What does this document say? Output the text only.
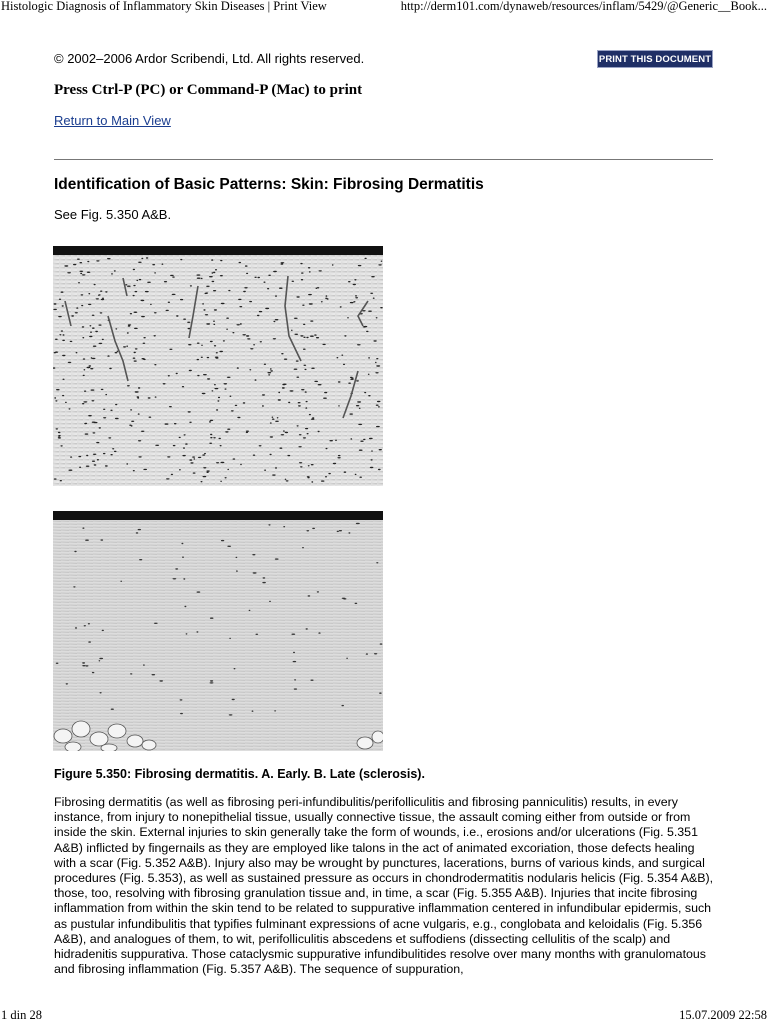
Histologic Diagnosis of Inflammatory Skin Diseases | Print View	http://derm101.com/dynaweb/resources/inflam/5429/@Generic__Book...
© 2002–2006 Ardor Scribendi, Ltd. All rights reserved.	PRINT THIS DOCUMENT
Press Ctrl-P (PC) or Command-P (Mac) to print
Return to Main View
Identification of Basic Patterns: Skin: Fibrosing Dermatitis
See Fig. 5.350 A&B.
Figure 5.350: Fibrosing dermatitis. A. Early. B. Late (sclerosis).
Fibrosing dermatitis (as well as fibrosing peri-infundibulitis/perifolliculitis and fibrosing panniculitis) results, in every instance, from injury to nonepithelial tissue, usually connective tissue, the assault coming either from outside or from inside the skin. External injuries to skin generally take the form of wounds, i.e., erosions and/or ulcerations (Fig. 5.351 A&B) inflicted by fingernails as they are employed like talons in the act of animated excoriation, those defects healing with a scar (Fig. 5.352 A&B). Injury also may be wrought by punctures, lacerations, burns of various kinds, and surgical procedures (Fig. 5.353), as well as sustained pressure as occurs in chondrodermatitis nodularis helicis (Fig. 5.354 A&B), those, too, resolving with fibrosing granulation tissue and, in time, a scar (Fig. 5.355 A&B). Injuries that incite fibrosing inflammation from within the skin tend to be related to suppurative inflammation centered in infundibular epidermis, such as pustular infundibulitis that typifies fulminant expressions of acne vulgaris, e.g., conglobata and keloidalis (Fig. 5.356 A&B), and analogues of them, to wit, perifolliculitis abscedens et suffodiens (dissecting cellulitis of the scalp) and hidradenitis suppurativa. Those cataclysmic suppurative infundibulitides resolve over many months with granulomatous and fibrosing inflammation (Fig. 5.357 A&B). The sequence of suppuration,
1 din 28	15.07.2009 22:58
